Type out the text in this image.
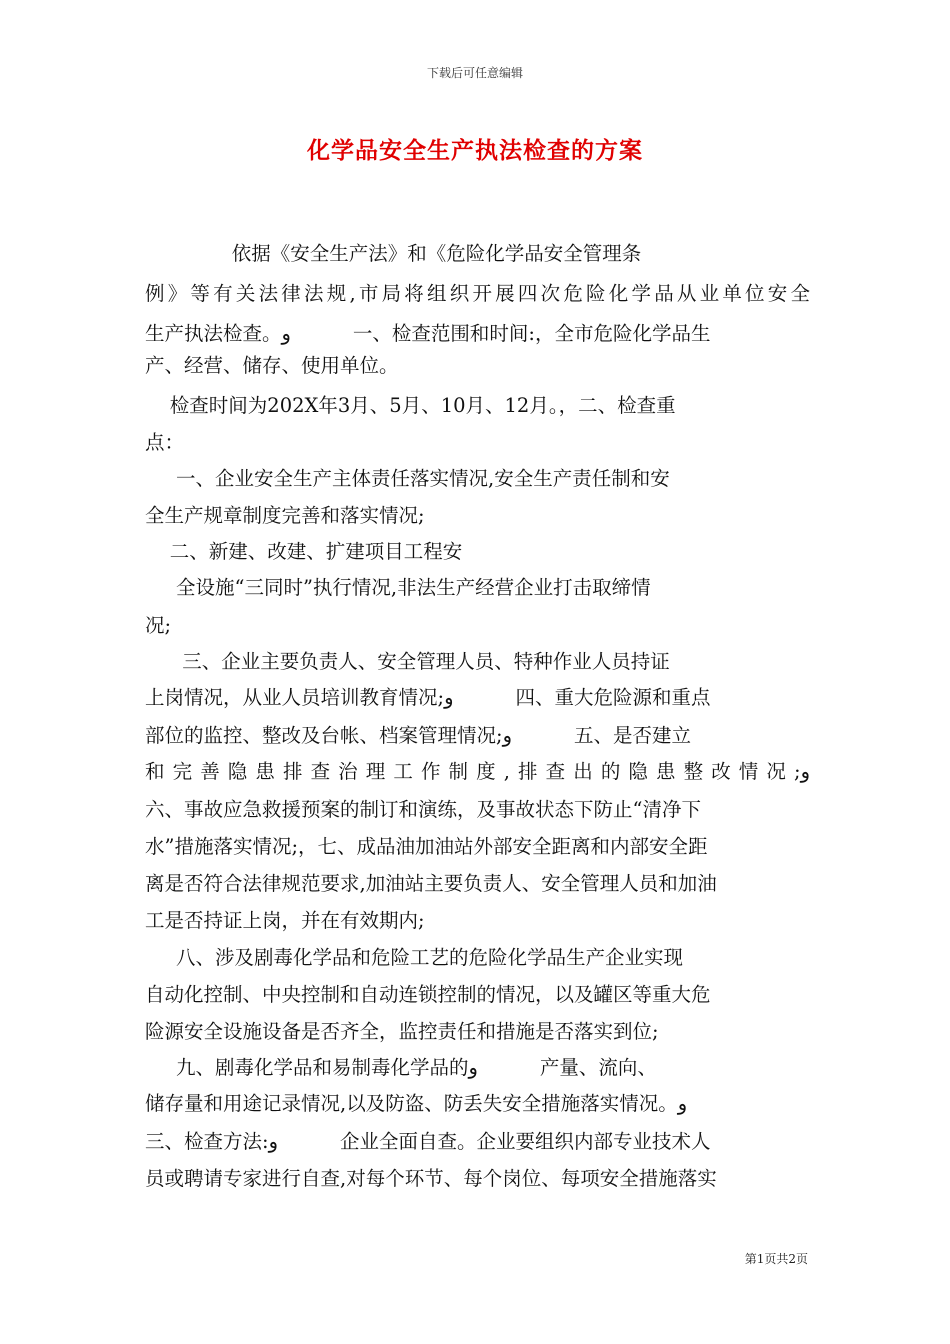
下载后可任意编辑
化学品安全生产执法检查的方案
依据《安全生产法》和《危险化学品安全管理条
例》等有关法律法规,市局将组织开展四次危险化学品从业单位安全
生产执法检查。و          一、检查范围和时间:，全市危险化学品生
产、经营、储存、使用单位。
检查时间为202X年3月、5月、10月、12月。，二、检查重
点：
一、企业安全生产主体责任落实情况,安全生产责任制和安
全生产规章制度完善和落实情况;
二、新建、改建、扩建项目工程安
全设施“三同时”执行情况,非法生产经营企业打击取缔情
况;
三、企业主要负责人、安全管理人员、特种作业人员持证
上岗情况，从业人员培训教育情况;و          四、重大危险源和重点
部位的监控、整改及台帐、档案管理情况;و          五、是否建立
和完善隐患排查治理工作制度,排查出的隐患整改情况;و
六、事故应急救援预案的制订和演练，及事故状态下防止“清净下
水”措施落实情况;，七、成品油加油站外部安全距离和内部安全距
离是否符合法律规范要求,加油站主要负责人、安全管理人员和加油
工是否持证上岗，并在有效期内;
八、涉及剧毒化学品和危险工艺的危险化学品生产企业实现
自动化控制、中央控制和自动连锁控制的情况，以及罐区等重大危
险源安全设施设备是否齐全，监控责任和措施是否落实到位;
九、剧毒化学品和易制毒化学品的و          产量、流向、
储存量和用途记录情况,以及防盗、防丢失安全措施落实情况。و
三、检查方法:و          企业全面自查。企业要组织内部专业技术人
员或聘请专家进行自查,对每个环节、每个岗位、每项安全措施落实
第1页共2页
